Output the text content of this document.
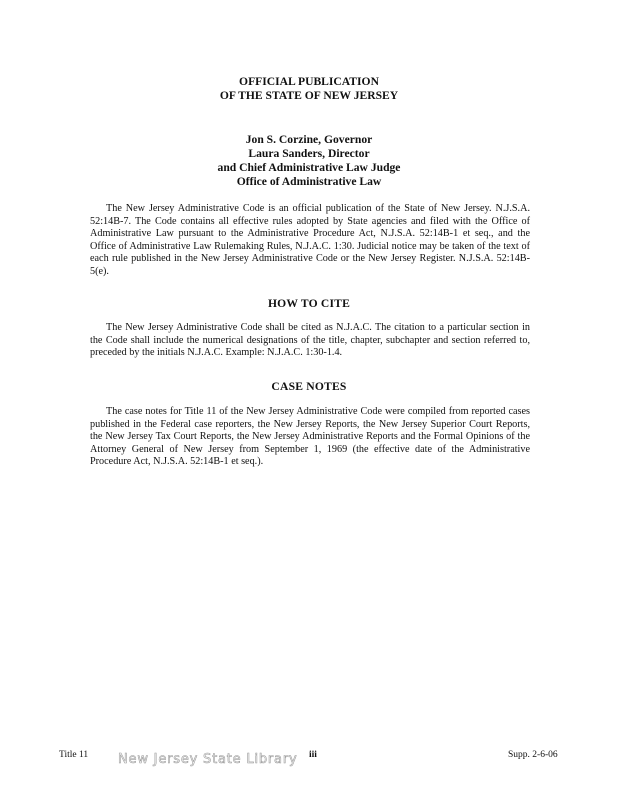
OFFICIAL PUBLICATION
OF THE STATE OF NEW JERSEY
Jon S. Corzine, Governor
Laura Sanders, Director
and Chief Administrative Law Judge
Office of Administrative Law

The New Jersey Administrative Code is an official publication of the State of New Jersey. N.J.S.A. 52:14B-7. The Code contains all effective rules adopted by State agencies and filed with the Office of Administrative Law pursuant to the Administrative Procedure Act, N.J.S.A. 52:14B-1 et seq., and the Office of Administrative Law Rulemaking Rules, N.J.A.C. 1:30. Judicial notice may be taken of the text of each rule published in the New Jersey Administrative Code or the New Jersey Register. N.J.S.A. 52:14B-5(e).

HOW TO CITE

The New Jersey Administrative Code shall be cited as N.J.A.C. The citation to a particular section in the Code shall include the numerical designations of the title, chapter, subchapter and section referred to, preceded by the initials N.J.A.C. Example: N.J.A.C. 1:30-1.4.

CASE NOTES

The case notes for Title 11 of the New Jersey Administrative Code were compiled from reported cases published in the Federal case reporters, the New Jersey Reports, the New Jersey Superior Court Reports, the New Jersey Tax Court Reports, the New Jersey Administrative Reports and the Formal Opinions of the Attorney General of New Jersey from September 1, 1969 (the effective date of the Administrative Procedure Act, N.J.S.A. 52:14B-1 et seq.).

Title 11 New Jersey State Library iii	Supp. 2-6-06
